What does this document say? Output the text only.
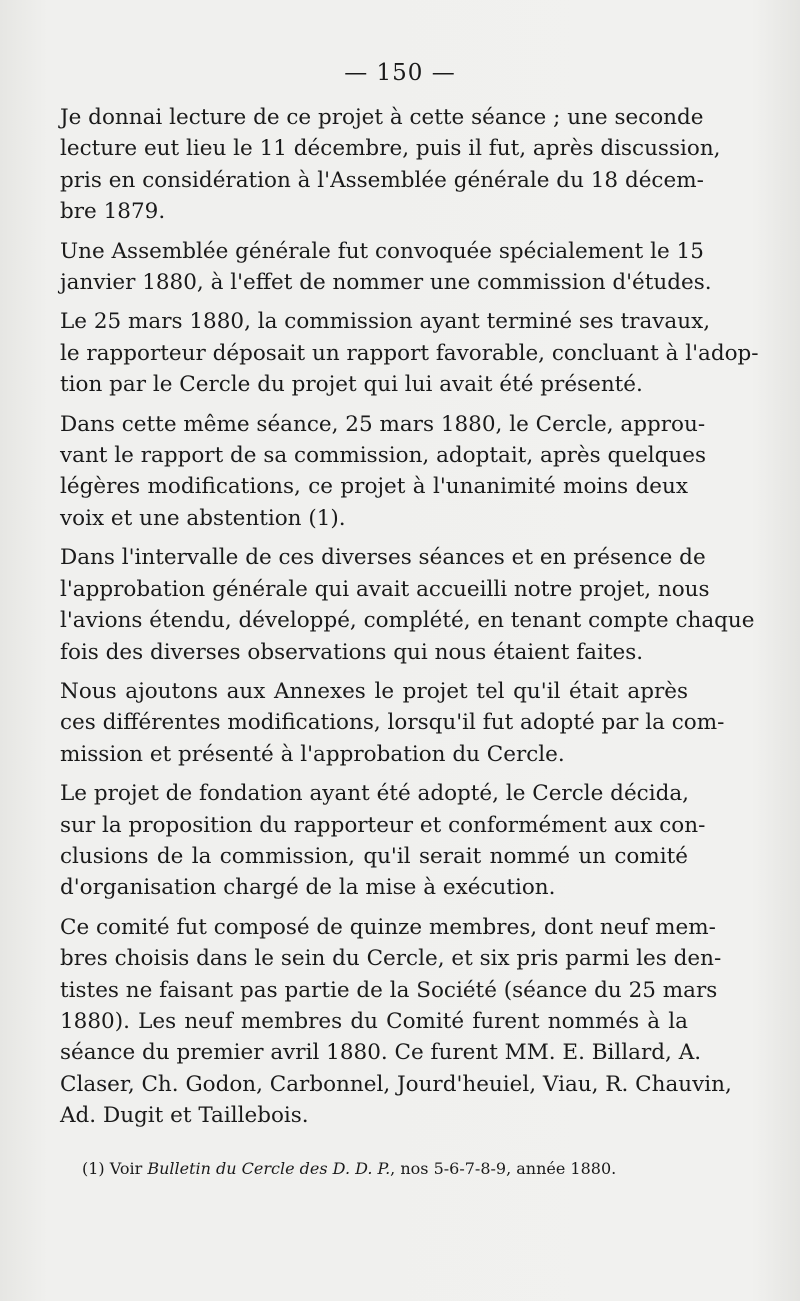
— 150 —

Je donnai lecture de ce projet à cette séance ; une seconde
lecture eut lieu le 11 décembre, puis il fut, après discussion,
pris en considération à l'Assemblée générale du 18 décem-
bre 1879.

Une Assemblée générale fut convoquée spécialement le 15
janvier 1880, à l'effet de nommer une commission d'études.

Le 25 mars 1880, la commission ayant terminé ses travaux,
le rapporteur déposait un rapport favorable, concluant à l'adop-
tion par le Cercle du projet qui lui avait été présenté.

Dans cette même séance, 25 mars 1880, le Cercle, approu-
vant le rapport de sa commission, adoptait, après quelques
légères modifications, ce projet à l'unanimité moins deux
voix et une abstention (1).

Dans l'intervalle de ces diverses séances et en présence de
l'approbation générale qui avait accueilli notre projet, nous
l'avions étendu, développé, complété, en tenant compte chaque
fois des diverses observations qui nous étaient faites.

Nous ajoutons aux Annexes le projet tel qu'il était après
ces différentes modifications, lorsqu'il fut adopté par la com-
mission et présenté à l'approbation du Cercle.

Le projet de fondation ayant été adopté, le Cercle décida,
sur la proposition du rapporteur et conformément aux con-
clusions de la commission, qu'il serait nommé un comité
d'organisation chargé de la mise à exécution.

Ce comité fut composé de quinze membres, dont neuf mem-
bres choisis dans le sein du Cercle, et six pris parmi les den-
tistes ne faisant pas partie de la Société (séance du 25 mars
1880). Les neuf membres du Comité furent nommés à la
séance du premier avril 1880. Ce furent MM. E. Billard, A.
Claser, Ch. Godon, Carbonnel, Jourd'heuiel, Viau, R. Chauvin,
Ad. Dugit et Taillebois.

(1) Voir Bulletin du Cercle des D. D. P., nos 5-6-7-8-9, année 1880.
